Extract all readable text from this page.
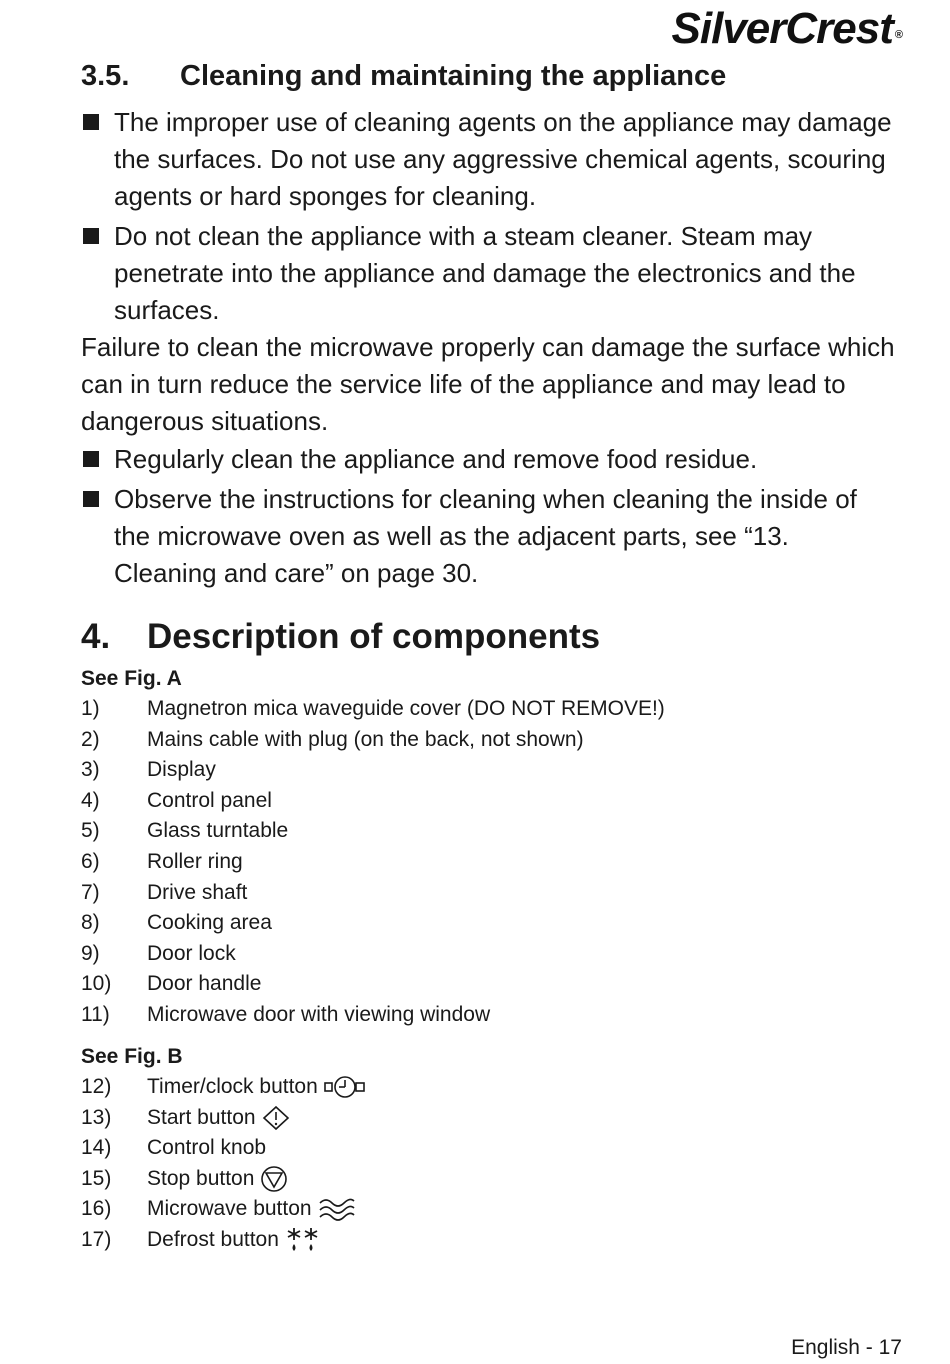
SilverCrest ®
3.5. Cleaning and maintaining the appliance

The improper use of cleaning agents on the appliance may damage the surfaces. Do not use any aggressive chemical agents, scouring agents or hard sponges for cleaning.

Do not clean the appliance with a steam cleaner. Steam may penetrate into the appliance and damage the electronics and the surfaces.

Failure to clean the microwave properly can damage the surface which can in turn reduce the service life of the appliance and may lead to dangerous situations.

Regularly clean the appliance and remove food residue.

Observe the instructions for cleaning when cleaning the inside of the microwave oven as well as the adjacent parts, see “13. Cleaning and care” on page 30.

4. Description of components

See Fig. A

1)	Magnetron mica waveguide cover (DO NOT REMOVE!)
2)	Mains cable with plug (on the back, not shown)
3)	Display
4)	Control panel
5)	Glass turntable
6)	Roller ring
7)	Drive shaft
8)	Cooking area
9)	Door lock
10)	Door handle
11)	Microwave door with viewing window

See Fig. B

12)	Timer/clock button
13)	Start button
14)	Control knob
15)	Stop button
16)	Microwave button
17)	Defrost button
English - 17
